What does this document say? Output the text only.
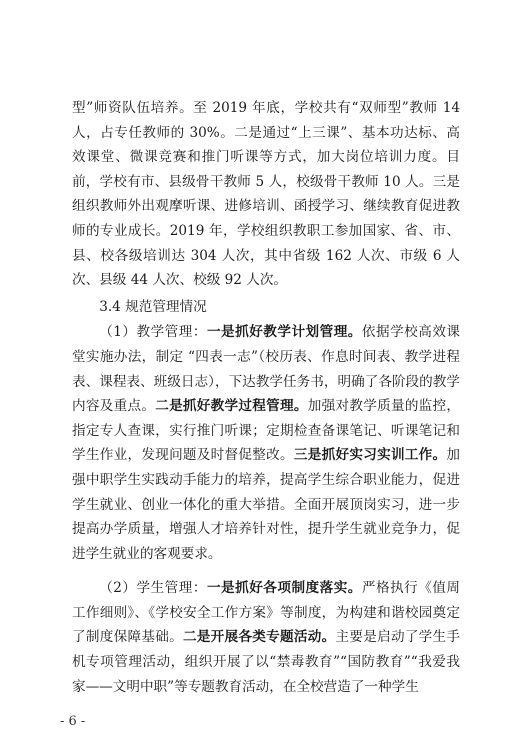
型”师资队伍培养。至 2019 年底，学校共有“双师型”教师 14 人，占专任教师的 30%。二是通过“上三课”、基本功达标、高效课堂、微课竞赛和推门听课等方式，加大岗位培训力度。目前，学校有市、县级骨干教师 5 人，校级骨干教师 10 人。三是组织教师外出观摩听课、进修培训、函授学习、继续教育促进教师的专业成长。2019 年，学校组织教职工参加国家、省、市、县、校各级培训达 304 人次，其中省级 162 人次、市级 6 人次、县级 44 人次、校级 92 人次。

3.4 规范管理情况

（1）教学管理：一是抓好教学计划管理。依据学校高效课堂实施办法，制定 “四表一志”（校历表、作息时间表、教学进程表、课程表、班级日志），下达教学任务书，明确了各阶段的教学内容及重点。二是抓好教学过程管理。加强对教学质量的监控，指定专人查课，实行推门听课；定期检查备课笔记、听课笔记和学生作业，发现问题及时督促整改。三是抓好实习实训工作。加强中职学生实践动手能力的培养，提高学生综合职业能力，促进学生就业、创业一体化的重大举措。全面开展顶岗实习，进一步提高办学质量，增强人才培养针对性，提升学生就业竞争力，促进学生就业的客观要求。

（2）学生管理：一是抓好各项制度落实。严格执行《值周工作细则》、《学校安全工作方案》等制度，为构建和谐校园奠定了制度保障基础。二是开展各类专题活动。主要是启动了学生手机专项管理活动，组织开展了以“禁毒教育”“国防教育”“我爱我家——文明中职”等专题教育活动，在全校营造了一种学生

- 6 -
